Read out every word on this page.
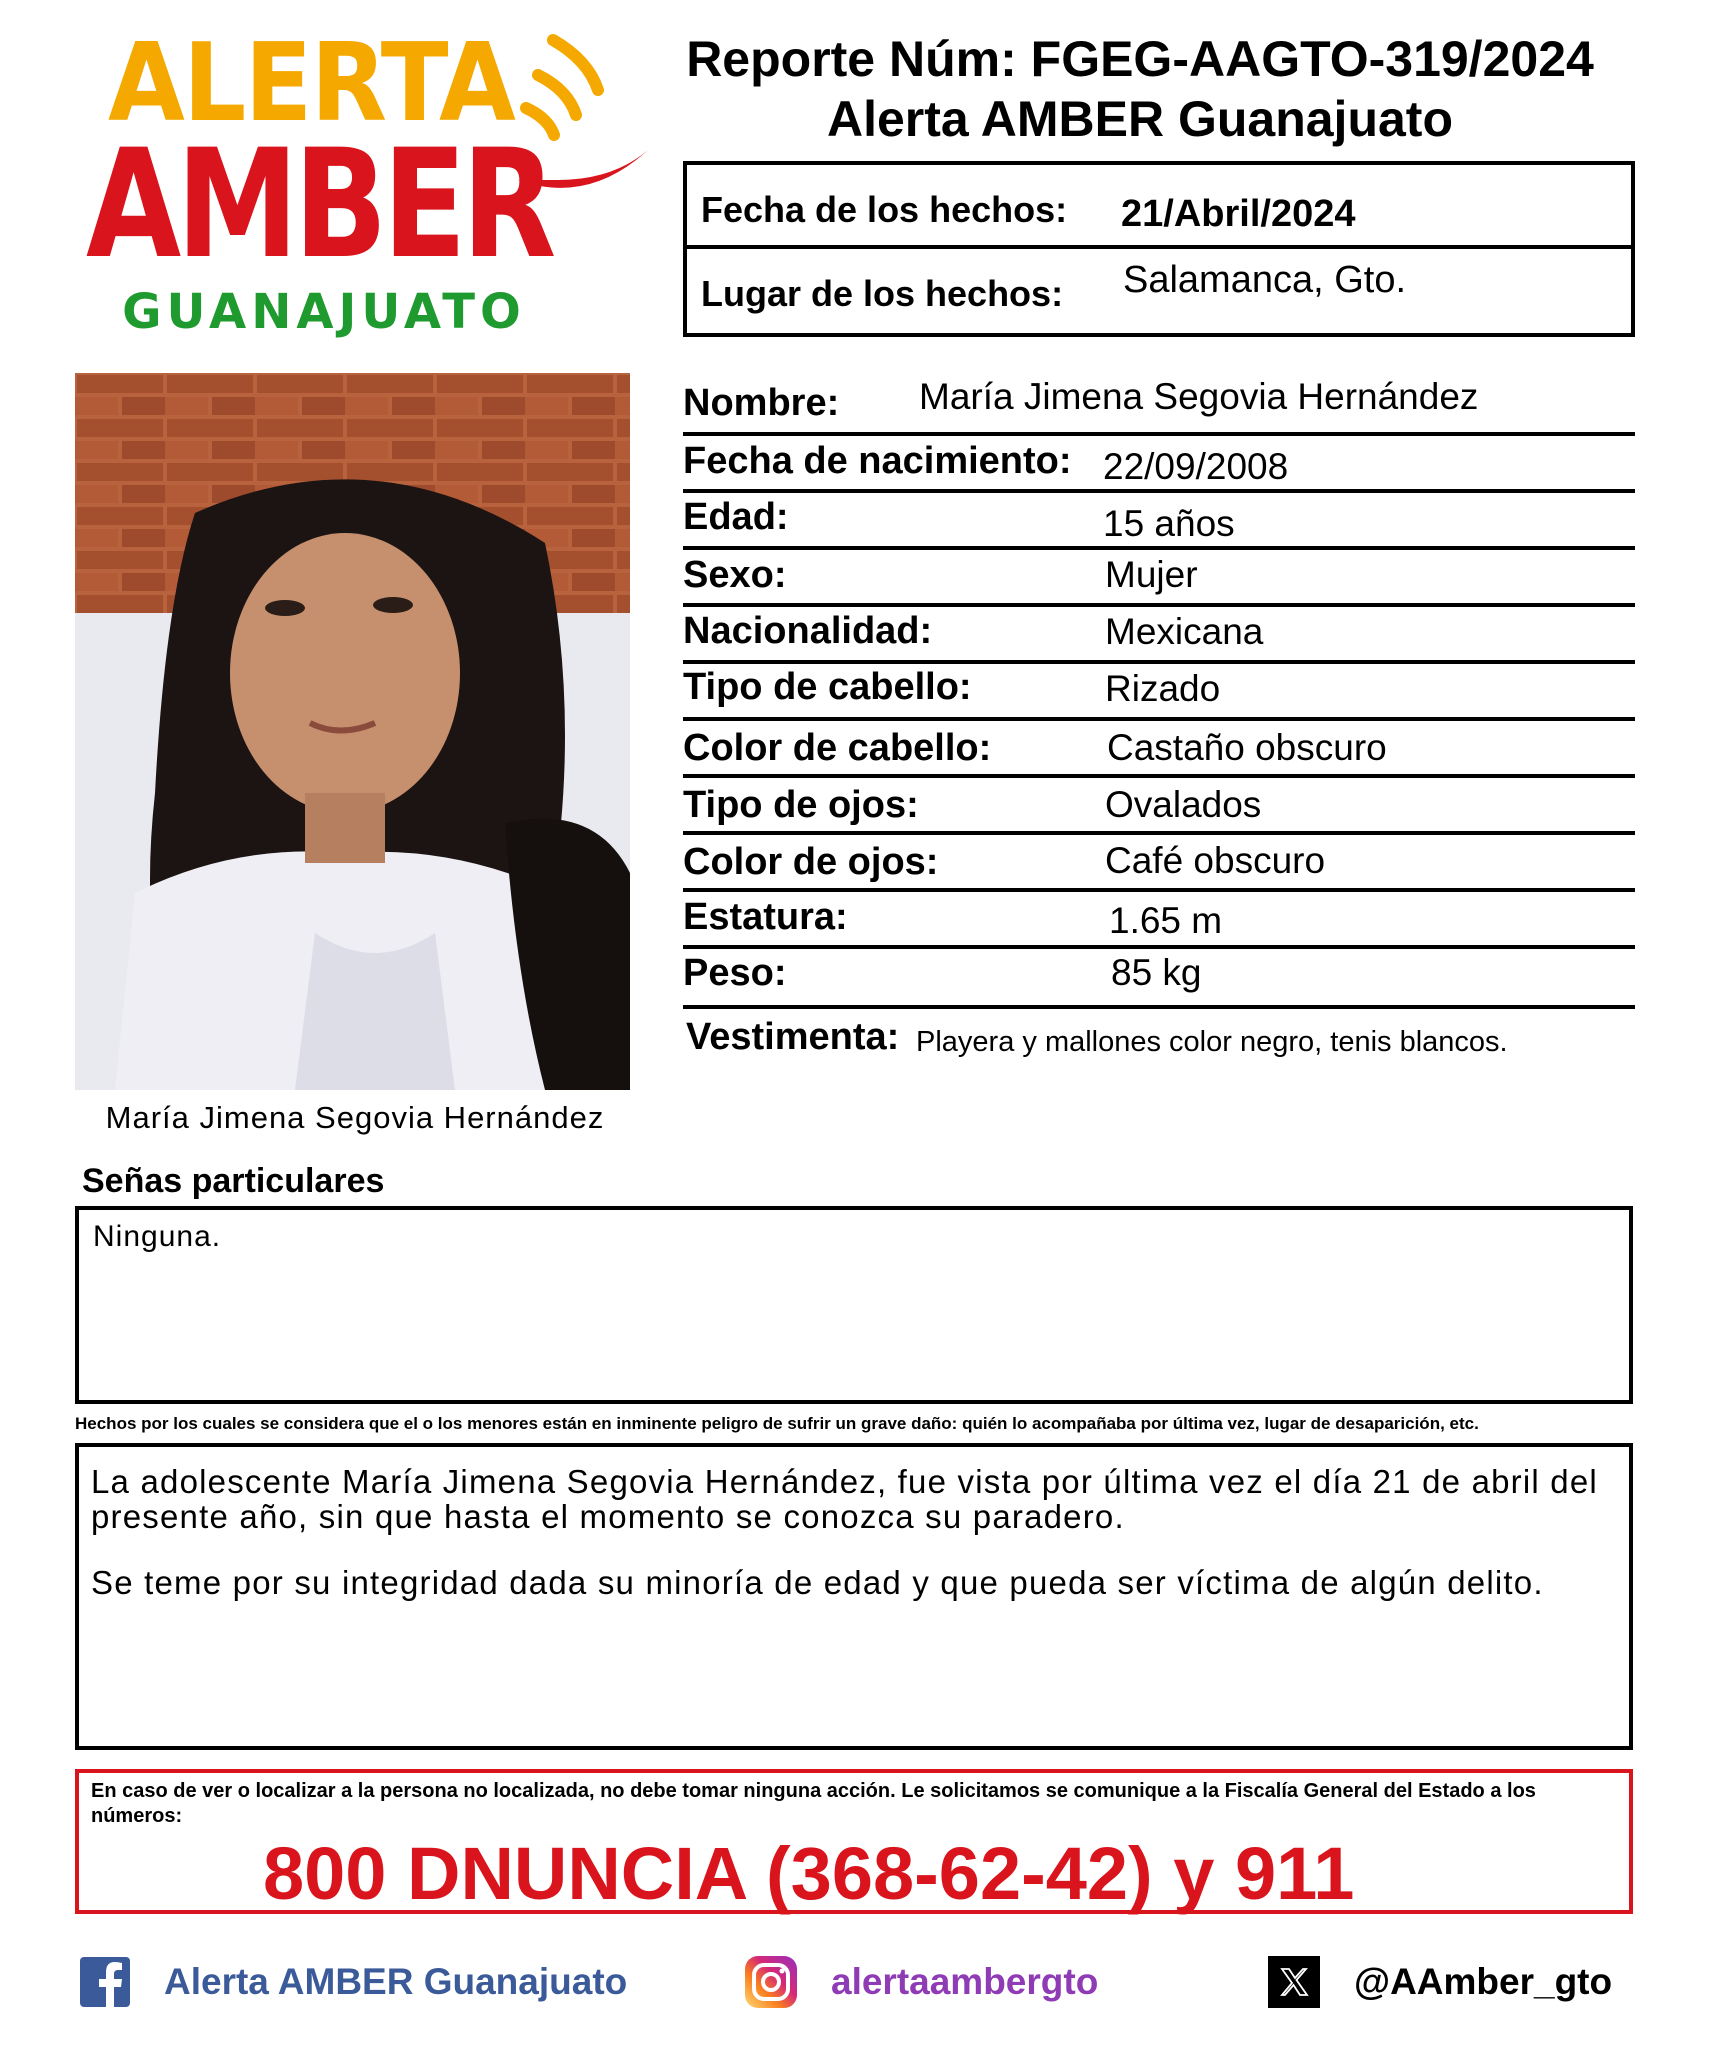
ALERTA
AMBER
GUANAJUATO
Reporte Núm: FGEG-AAGTO-319/2024
Alerta AMBER Guanajuato
Fecha de los hechos: 21/Abril/2024
Lugar de los hechos: Salamanca, Gto.
María Jimena Segovia Hernández
Nombre: María Jimena Segovia Hernández
Fecha de nacimiento: 22/09/2008
Edad:	15 años
Sexo:	Mujer
Nacionalidad:	Mexicana
Tipo de cabello:	Rizado
Color de cabello:	Castaño obscuro
Tipo de ojos:	Ovalados
Color de ojos:	Café obscuro
Estatura:	1.65 m
Peso:	85 kg
Vestimenta: Playera y mallones color negro, tenis blancos.
Señas particulares
Ninguna.
Hechos por los cuales se considera que el o los menores están en inminente peligro de sufrir un grave daño: quién lo acompañaba por última vez, lugar de desaparición, etc.

La adolescente María Jimena Segovia Hernández, fue vista por última vez el día 21 de abril del presente año, sin que hasta el momento se conozca su paradero.

Se teme por su integridad dada su minoría de edad y que pueda ser víctima de algún delito.

En caso de ver o localizar a la persona no localizada, no debe tomar ninguna acción. Le solicitamos se comunique a la Fiscalía General del Estado a los números:
800 DNUNCIA (368-62-42) y 911
Alerta AMBER Guanajuato	alertaambergto	@AAmber_gto
